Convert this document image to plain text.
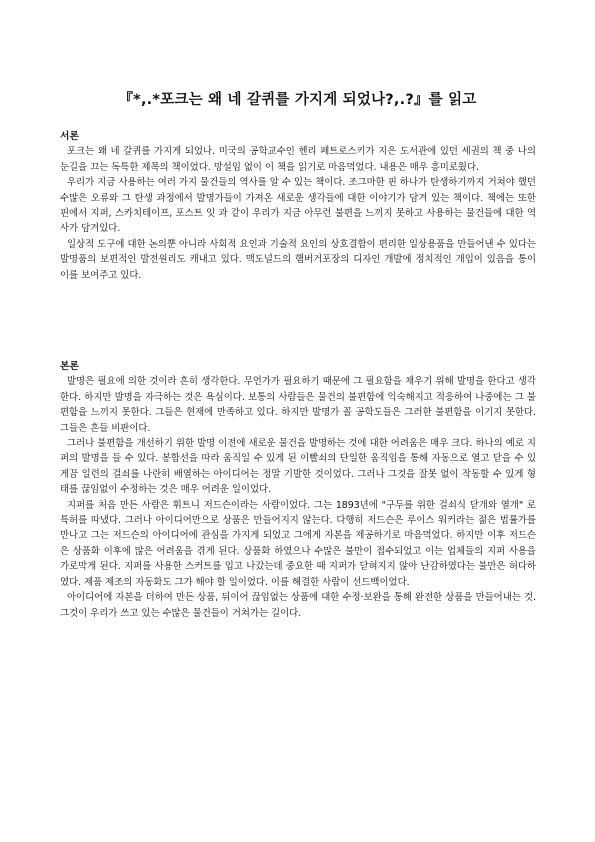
『*,.*포크는 왜 네 갈퀴를 가지게 되었나?,.?』를 읽고

서론

포크는 왜 네 갈퀴를 가지게 되었나. 미국의 공학교수인 헨리 페트로스키가 지은 도서관에 있던 세권의 책 중 나의 눈길을 끄는 독특한 제목의 책이었다. 망설임 없이 이 책을 읽기로 마음먹었다. 내용은 매우 흥미로웠다.

우리가 지금 사용하는 여러 가지 물건들의 역사를 알 수 있는 책이다. 조그마한 핀 하나가 탄생하기까지 거쳐야 했던 수많은 오류와 그 탄생 과정에서 발명가들이 가져온 새로운 생각들에 대한 이야기가 담겨 있는 책이다. 책에는 또한 핀에서 지퍼, 스카치테이프, 포스트 잇 과 같이 우리가 지금 아무런 불편을 느끼지 못하고 사용하는 물건들에 대한 역사가 담겨있다.

일상적 도구에 대한 논의뿐 아니라 사회적 요인과 기술적 요인의 상호결합이 편리한 일상용품을 만들어낸 수 있다는 발명품의 보편적인 발전원리도 캐내고 있다. 맥도널드의 햄버거포장의 디자인 개발에 정치적인 개입이 있음을 통이 이를 보여주고 있다.

본론

발명은 필요에 의한 것이라 흔히 생각한다. 무언가가 필요하기 때문에 그 필요함을 채우기 위해 발명을 한다고 생각한다. 하지만 발명을 자극하는 것은 욕심이다. 보통의 사람들은 물건의 불편함에 익숙해지고 적응하여 나중에는 그 불편함을 느끼지 못한다. 그들은 현재에 만족하고 있다. 하지만 발명가 꼴 공학도들은 그러한 불편함을 이기지 못한다. 그들은 흔들 비판이다.

그러나 불편함을 개선하기 위한 발명 이전에 새로운 물건을 발명하는 것에 대한 어려움은 매우 크다. 하나의 예로 지퍼의 발명을 들 수 있다. 봉합선을 따라 움직일 수 있게 된 이빨쇠의 단일한 움직임을 통해 자동으로 열고 닫을 수 있게끔 일련의 걸쇠를 나란히 배열하는 아이디어는 정말 기발한 것이었다. 그러나 그것을 잘못 없이 작동할 수 있게 형태를 끊임없이 수정하는 것은 매우 어려운 일이었다.

지퍼를 처음 만든 사람은 휘트니 저드슨이라는 사람이었다. 그는 1893년에 "구두를 위한 걸쇠식 닫개와 열개" 로 특허를 따냈다. 그러나 아이디어만으로 상품은 만들어지지 않는다. 다행히 저드슨은 루이스 워커라는 젊은 법률가를 만나고 그는 저드슨의 아이디어에 관심을 가지게 되었고 그에게 자본을 제공하기로 마음먹었다. 하지만 이후 저드슨은 상품화 이후에 많은 어려움을 겪게 된다. 상품화 하였으나 수많은 불만이 접수되었고 이는 업체들의 지퍼 사용을 가로막게 된다. 지퍼를 사용한 스커트를 입고 나갔는데 중요한 때 지퍼가 닫혀지지 않아 난감하였다는 불만은 허다하였다. 제품 제조의 자동화도 그가 해야 할 일이었다. 이를 해결한 사람이 선드백이었다.

아이디어에 자본을 더하여 만든 상품, 뒤이어 끊임없는 상품에 대한 수정·보완을 통해 완전한 상품을 만들어내는 것. 그것이 우리가 쓰고 있는 수많은 물건들이 거쳐가는 길이다.
